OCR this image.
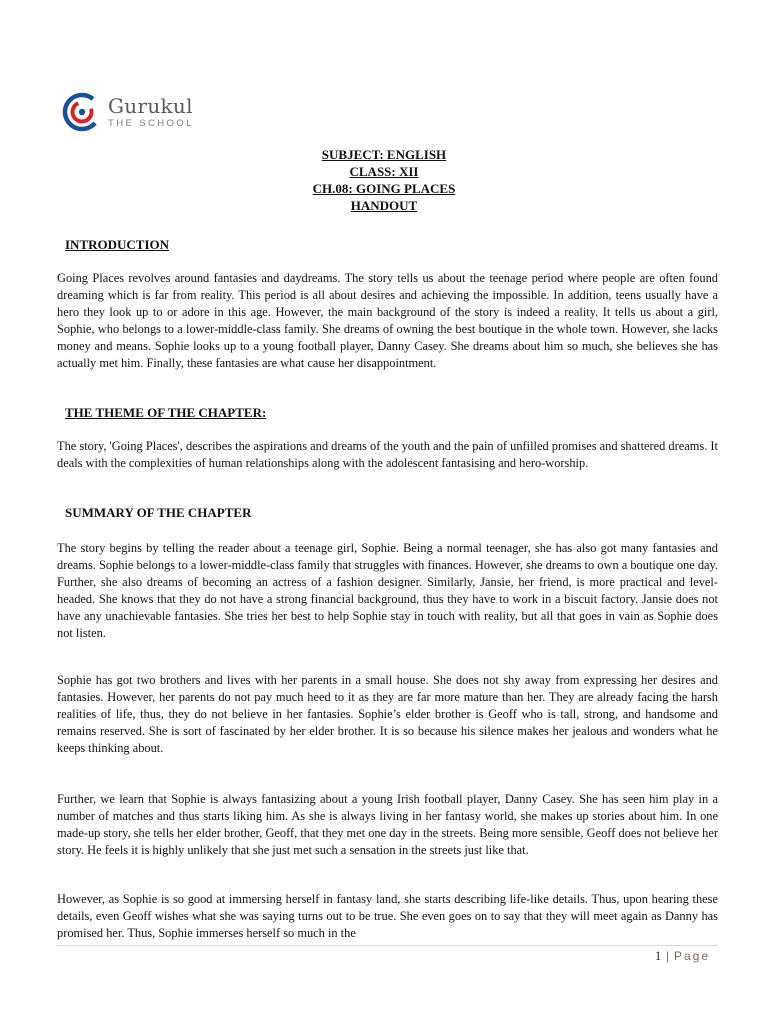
Gurukul
THE SCHOOL
SUBJECT: ENGLISH
CLASS: XII
CH.08: GOING PLACES
HANDOUT
INTRODUCTION

Going Places revolves around fantasies and daydreams. The story tells us about the teenage period where people are often found dreaming which is far from reality. This period is all about desires and achieving the impossible. In addition, teens usually have a hero they look up to or adore in this age. However, the main background of the story is indeed a reality. It tells us about a girl, Sophie, who belongs to a lower-middle-class family. She dreams of owning the best boutique in the whole town. However, she lacks money and means. Sophie looks up to a young football player, Danny Casey. She dreams about him so much, she believes she has actually met him. Finally, these fantasies are what cause her disappointment.

THE THEME OF THE CHAPTER:

The story, 'Going Places', describes the aspirations and dreams of the youth and the pain of unfilled promises and shattered dreams. It deals with the complexities of human relationships along with the adolescent fantasising and hero-worship.

SUMMARY OF THE CHAPTER

The story begins by telling the reader about a teenage girl, Sophie. Being a normal teenager, she has also got many fantasies and dreams. Sophie belongs to a lower-middle-class family that struggles with finances. However, she dreams to own a boutique one day. Further, she also dreams of becoming an actress of a fashion designer. Similarly, Jansie, her friend, is more practical and level-headed. She knows that they do not have a strong financial background, thus they have to work in a biscuit factory. Jansie does not have any unachievable fantasies. She tries her best to help Sophie stay in touch with reality, but all that goes in vain as Sophie does not listen.

Sophie has got two brothers and lives with her parents in a small house. She does not shy away from expressing her desires and fantasies. However, her parents do not pay much heed to it as they are far more mature than her. They are already facing the harsh realities of life, thus, they do not believe in her fantasies. Sophie’s elder brother is Geoff who is tall, strong, and handsome and remains reserved. She is sort of fascinated by her elder brother. It is so because his silence makes her jealous and wonders what he keeps thinking about.

Further, we learn that Sophie is always fantasizing about a young Irish football player, Danny Casey. She has seen him play in a number of matches and thus starts liking him. As she is always living in her fantasy world, she makes up stories about him. In one made-up story, she tells her elder brother, Geoff, that they met one day in the streets. Being more sensible, Geoff does not believe her story. He feels it is highly unlikely that she just met such a sensation in the streets just like that.

However, as Sophie is so good at immersing herself in fantasy land, she starts describing life-like details. Thus, upon hearing these details, even Geoff wishes what she was saying turns out to be true. She even goes on to say that they will meet again as Danny has promised her. Thus, Sophie immerses herself so much in the

1 | Page
